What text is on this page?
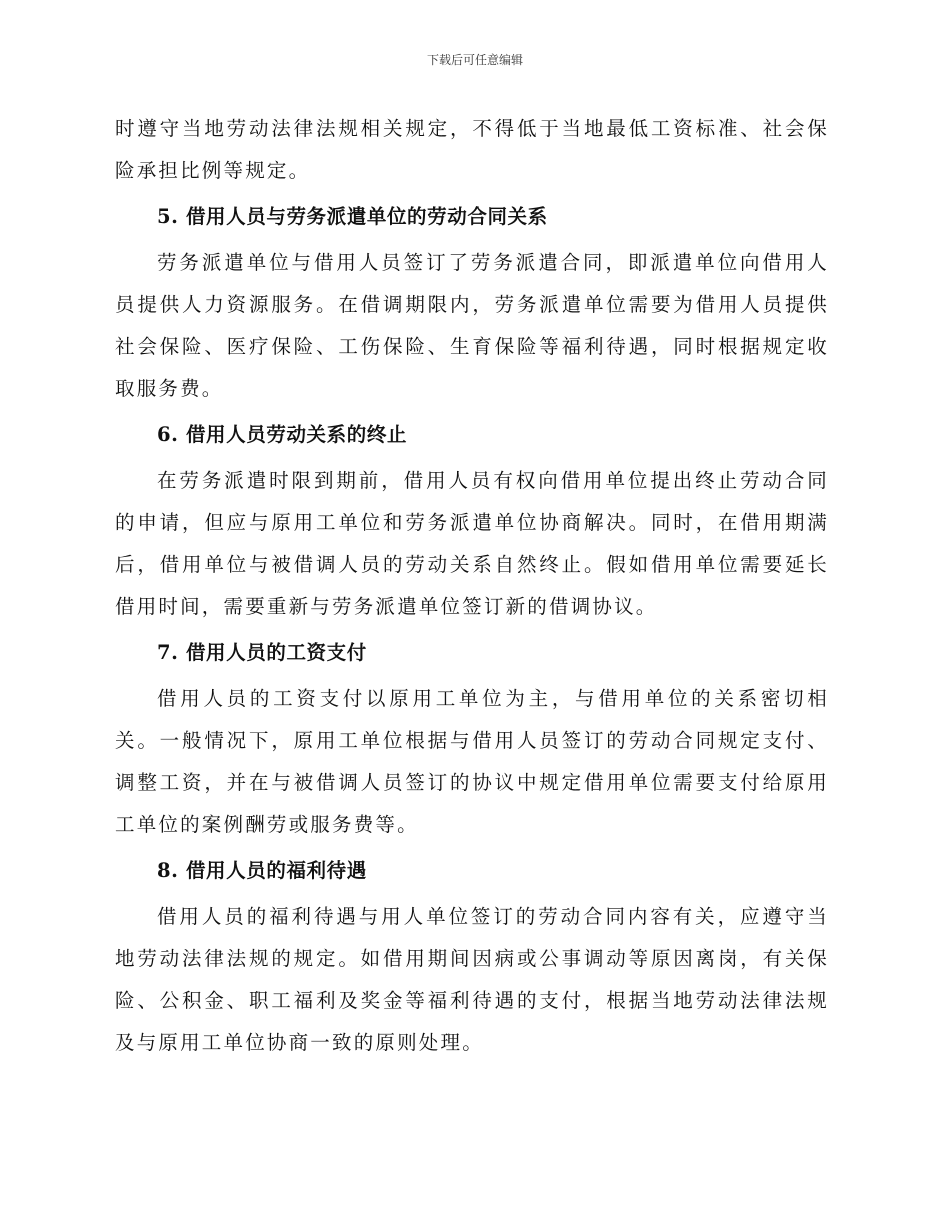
下载后可任意编辑

时遵守当地劳动法律法规相关规定，不得低于当地最低工资标准、社会保险承担比例等规定。

5. 借用人员与劳务派遣单位的劳动合同关系

劳务派遣单位与借用人员签订了劳务派遣合同，即派遣单位向借用人员提供人力资源服务。在借调期限内，劳务派遣单位需要为借用人员提供社会保险、医疗保险、工伤保险、生育保险等福利待遇，同时根据规定收取服务费。

6. 借用人员劳动关系的终止

在劳务派遣时限到期前，借用人员有权向借用单位提出终止劳动合同的申请，但应与原用工单位和劳务派遣单位协商解决。同时，在借用期满后，借用单位与被借调人员的劳动关系自然终止。假如借用单位需要延长借用时间，需要重新与劳务派遣单位签订新的借调协议。

7. 借用人员的工资支付

借用人员的工资支付以原用工单位为主，与借用单位的关系密切相关。一般情况下，原用工单位根据与借用人员签订的劳动合同规定支付、调整工资，并在与被借调人员签订的协议中规定借用单位需要支付给原用工单位的案例酬劳或服务费等。

8. 借用人员的福利待遇

借用人员的福利待遇与用人单位签订的劳动合同内容有关，应遵守当地劳动法律法规的规定。如借用期间因病或公事调动等原因离岗，有关保险、公积金、职工福利及奖金等福利待遇的支付，根据当地劳动法律法规及与原用工单位协商一致的原则处理。
